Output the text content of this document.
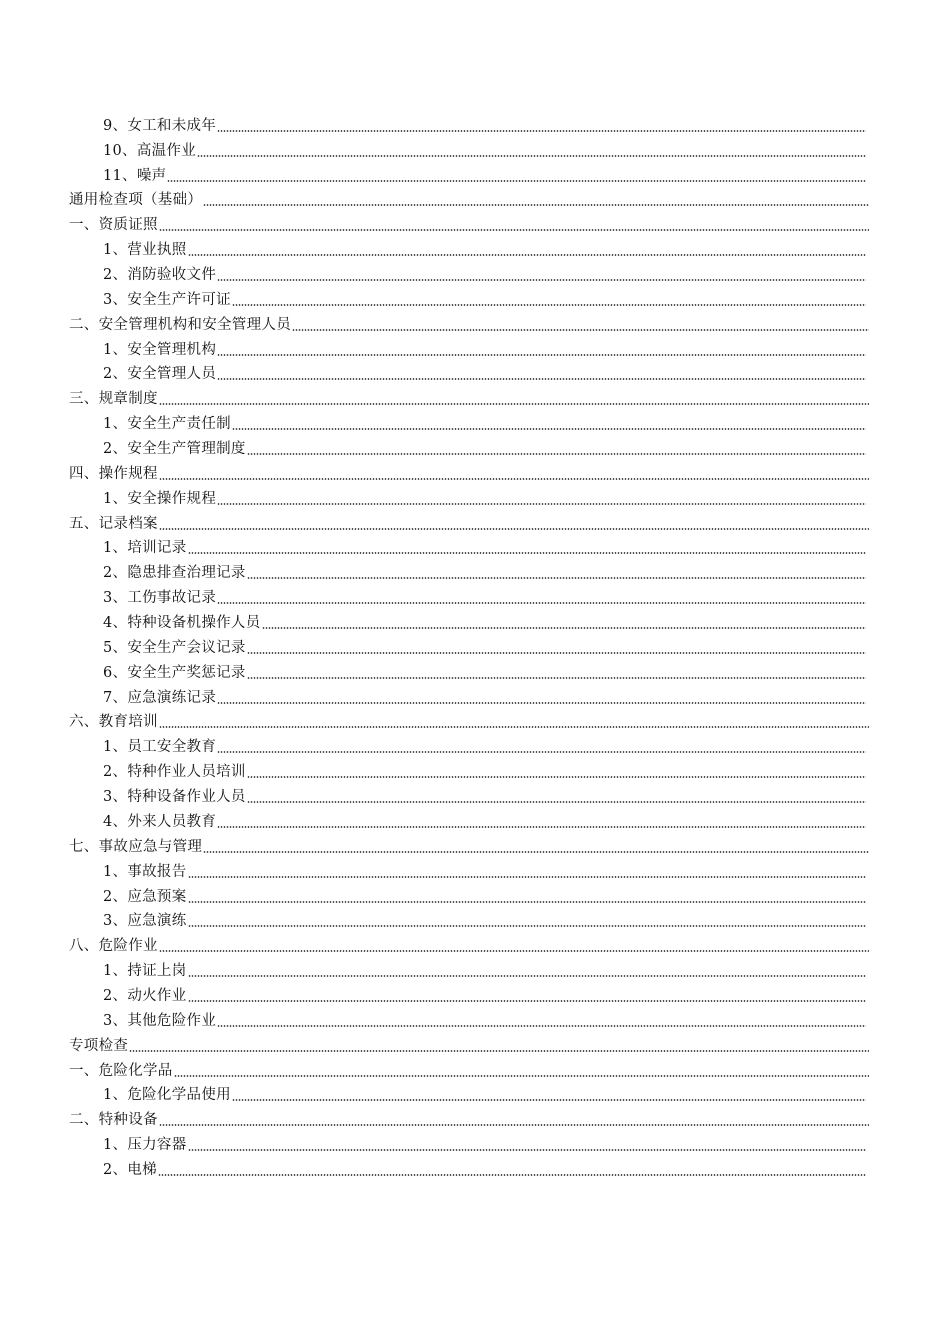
9、女工和未成年
10、高温作业
11、噪声
通用检查项（基础）
一、资质证照
1、营业执照
2、消防验收文件
3、安全生产许可证
二、安全管理机构和安全管理人员
1、安全管理机构
2、安全管理人员
三、规章制度
1、安全生产责任制
2、安全生产管理制度
四、操作规程
1、安全操作规程
五、记录档案
1、培训记录
2、隐患排查治理记录
3、工伤事故记录
4、特种设备机操作人员
5、安全生产会议记录
6、安全生产奖惩记录
7、应急演练记录
六、教育培训
1、员工安全教育
2、特种作业人员培训
3、特种设备作业人员
4、外来人员教育
七、事故应急与管理
1、事故报告
2、应急预案
3、应急演练
八、危险作业
1、持证上岗
2、动火作业
3、其他危险作业
专项检查
一、危险化学品
1、危险化学品使用
二、特种设备
1、压力容器
2、电梯
